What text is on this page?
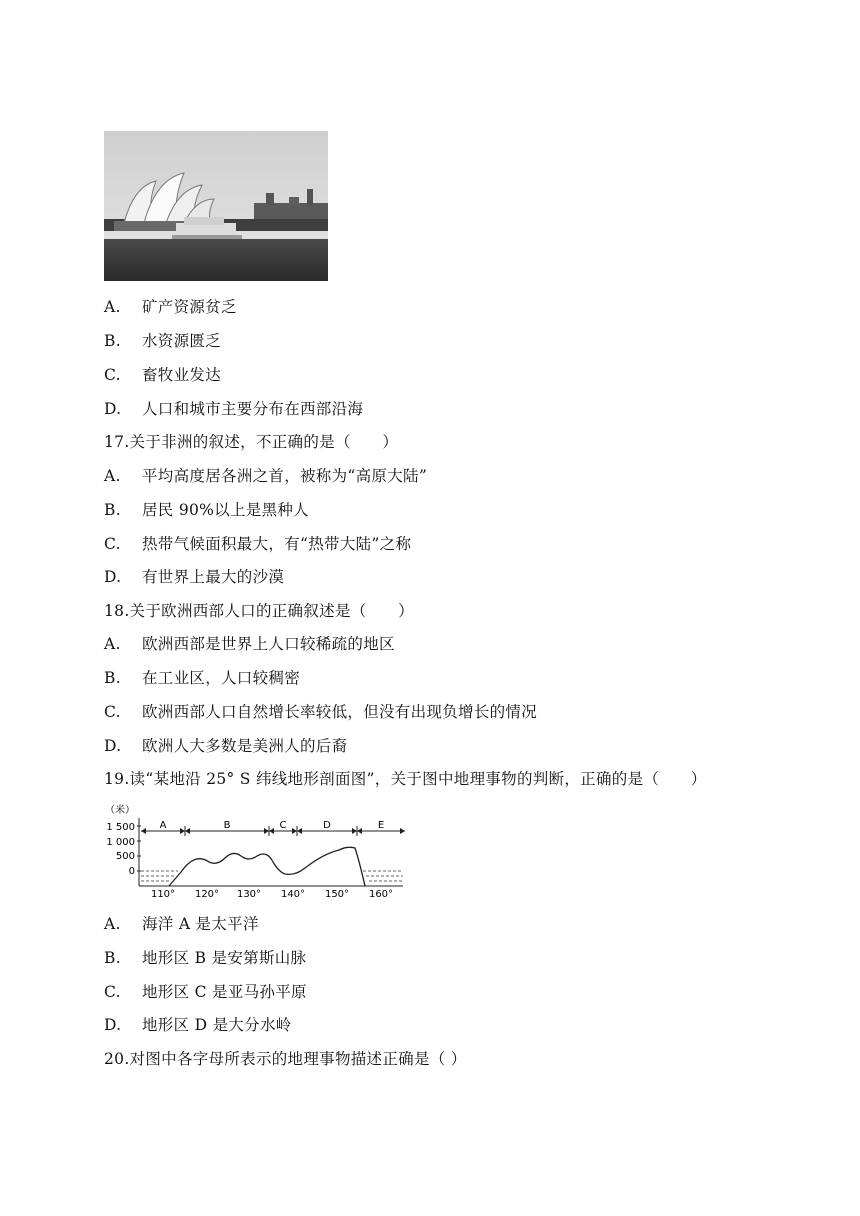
A. 矿产资源贫乏
B. 水资源匮乏
C. 畜牧业发达
D. 人口和城市主要分布在西部沿海
17.关于非洲的叙述，不正确的是（　　）
A. 平均高度居各洲之首，被称为“高原大陆”
B. 居民 90%以上是黑种人
C. 热带气候面积最大，有“热带大陆”之称
D. 有世界上最大的沙漠
18.关于欧洲西部人口的正确叙述是（　　）
A. 欧洲西部是世界上人口较稀疏的地区
B. 在工业区，人口较稠密
C. 欧洲西部人口自然增长率较低，但没有出现负增长的情况
D. 欧洲人大多数是美洲人的后裔
19.读“某地沿 25° S 纬线地形剖面图”，关于图中地理事物的判断，正确的是（　　）
（米）
1 500
1 000
500
0
A	B	C	D	E
110° 120° 130° 140° 150° 160°
A. 海洋 A 是太平洋
B. 地形区 B 是安第斯山脉
C. 地形区 C 是亚马孙平原
D. 地形区 D 是大分水岭
20.对图中各字母所表示的地理事物描述正确是（ ）
